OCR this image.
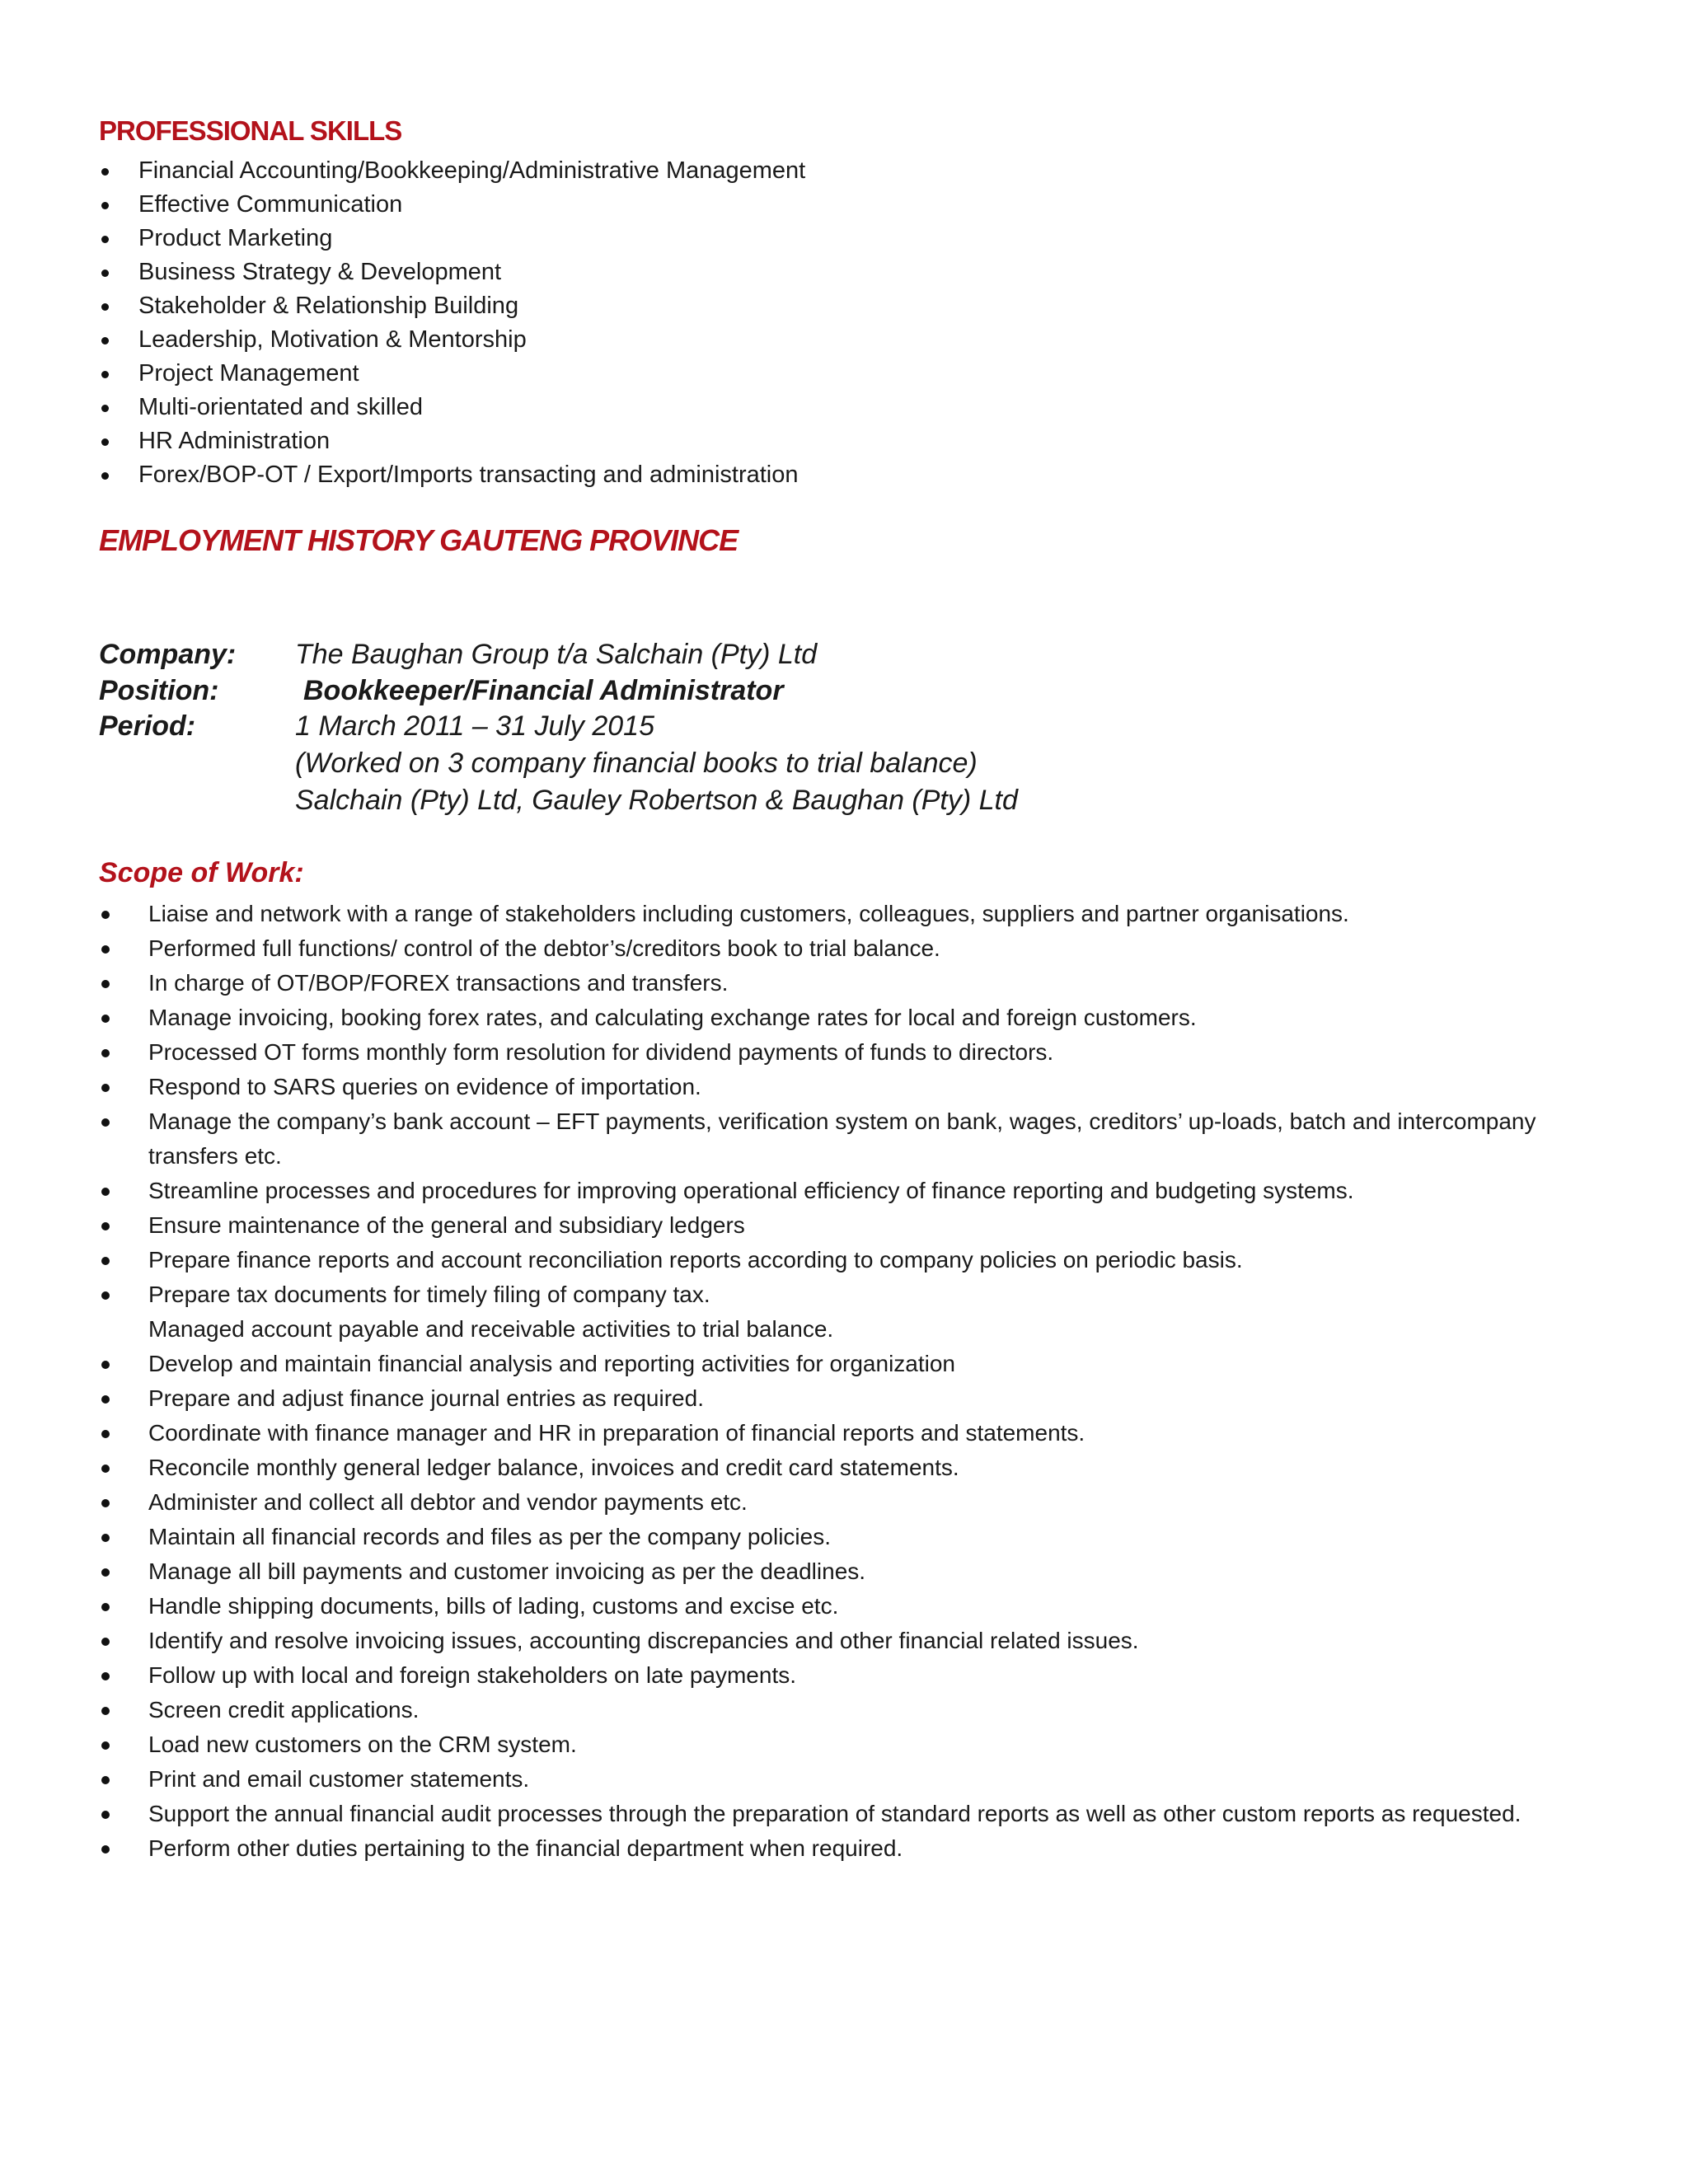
PROFESSIONAL SKILLS
Financial Accounting/Bookkeeping/Administrative Management
Effective Communication
Product Marketing
Business Strategy & Development
Stakeholder & Relationship Building
Leadership, Motivation & Mentorship
Project Management
Multi-orientated and skilled
HR Administration
Forex/BOP-OT / Export/Imports transacting and administration
EMPLOYMENT HISTORY GAUTENG PROVINCE
Company:	The Baughan Group t/a Salchain (Pty) Ltd
Position:	Bookkeeper/Financial Administrator
Period:	1 March 2011 – 31 July 2015
(Worked on 3 company financial books to trial balance)
Salchain (Pty) Ltd, Gauley Robertson & Baughan (Pty) Ltd
Scope of Work:
Liaise and network with a range of stakeholders including customers, colleagues, suppliers and partner organisations.
Performed full functions/ control of the debtor’s/creditors book to trial balance.
In charge of OT/BOP/FOREX transactions and transfers.
Manage invoicing, booking forex rates, and calculating exchange rates for local and foreign customers.
Processed OT forms monthly form resolution for dividend payments of funds to directors.
Respond to SARS queries on evidence of importation.
Manage the company’s bank account – EFT payments, verification system on bank, wages, creditors’ up-loads, batch and intercompany transfers etc.
Streamline processes and procedures for improving operational efficiency of finance reporting and budgeting systems.
Ensure maintenance of the general and subsidiary ledgers
Prepare finance reports and account reconciliation reports according to company policies on periodic basis.
Prepare tax documents for timely filing of company tax.
Managed account payable and receivable activities to trial balance.
Develop and maintain financial analysis and reporting activities for organization
Prepare and adjust finance journal entries as required.
Coordinate with finance manager and HR in preparation of financial reports and statements.
Reconcile monthly general ledger balance, invoices and credit card statements.
Administer and collect all debtor and vendor payments etc.
Maintain all financial records and files as per the company policies.
Manage all bill payments and customer invoicing as per the deadlines.
Handle shipping documents, bills of lading, customs and excise etc.
Identify and resolve invoicing issues, accounting discrepancies and other financial related issues.
Follow up with local and foreign stakeholders on late payments.
Screen credit applications.
Load new customers on the CRM system.
Print and email customer statements.
Support the annual financial audit processes through the preparation of standard reports as well as other custom reports as requested.
Perform other duties pertaining to the financial department when required.
